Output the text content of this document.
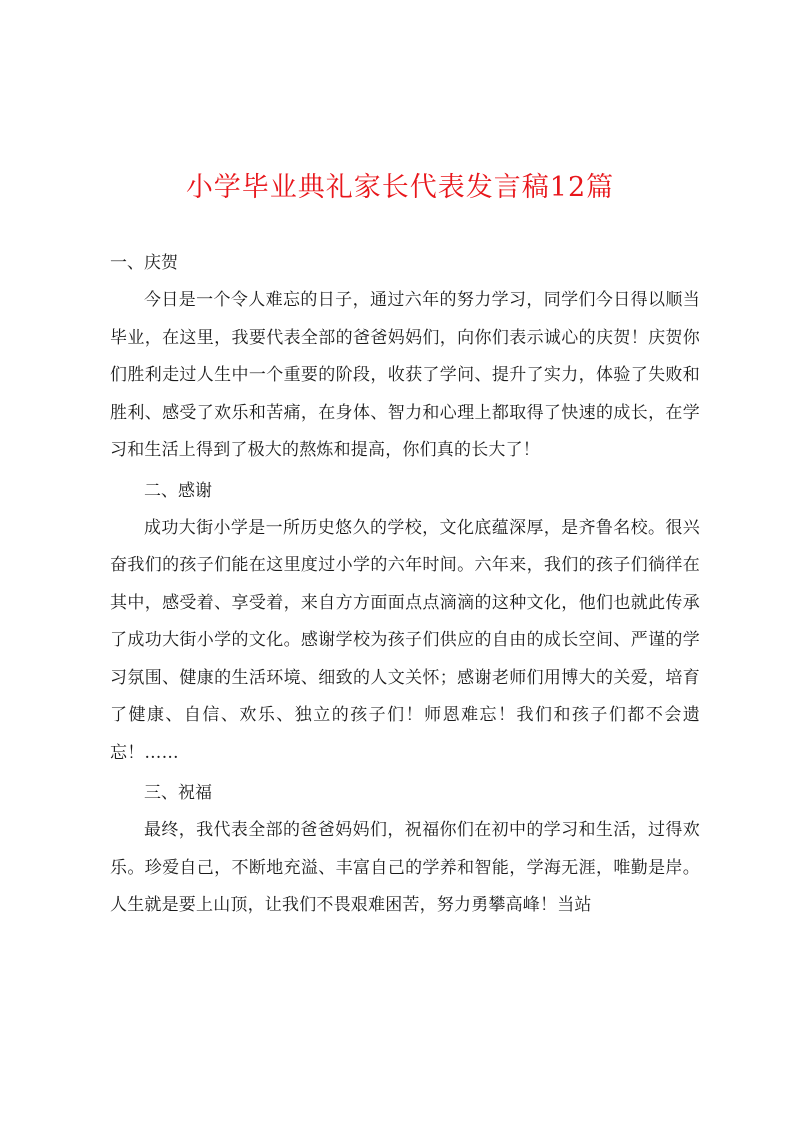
小学毕业典礼家长代表发言稿12篇

一、庆贺

今日是一个令人难忘的日子，通过六年的努力学习，同学们今日得以顺当毕业，在这里，我要代表全部的爸爸妈妈们，向你们表示诚心的庆贺！庆贺你们胜利走过人生中一个重要的阶段，收获了学问、提升了实力，体验了失败和胜利、感受了欢乐和苦痛，在身体、智力和心理上都取得了快速的成长，在学习和生活上得到了极大的熬炼和提高，你们真的长大了！

二、感谢

成功大街小学是一所历史悠久的学校，文化底蕴深厚，是齐鲁名校。很兴奋我们的孩子们能在这里度过小学的六年时间。六年来，我们的孩子们徜徉在其中，感受着、享受着，来自方方面面点点滴滴的这种文化，他们也就此传承了成功大街小学的文化。感谢学校为孩子们供应的自由的成长空间、严谨的学习氛围、健康的生活环境、细致的人文关怀；感谢老师们用博大的关爱，培育了健康、自信、欢乐、独立的孩子们！师恩难忘！我们和孩子们都不会遗忘！……

三、祝福

最终，我代表全部的爸爸妈妈们，祝福你们在初中的学习和生活，过得欢乐。珍爱自己，不断地充溢、丰富自己的学养和智能，学海无涯，唯勤是岸。人生就是要上山顶，让我们不畏艰难困苦，努力勇攀高峰！当站
